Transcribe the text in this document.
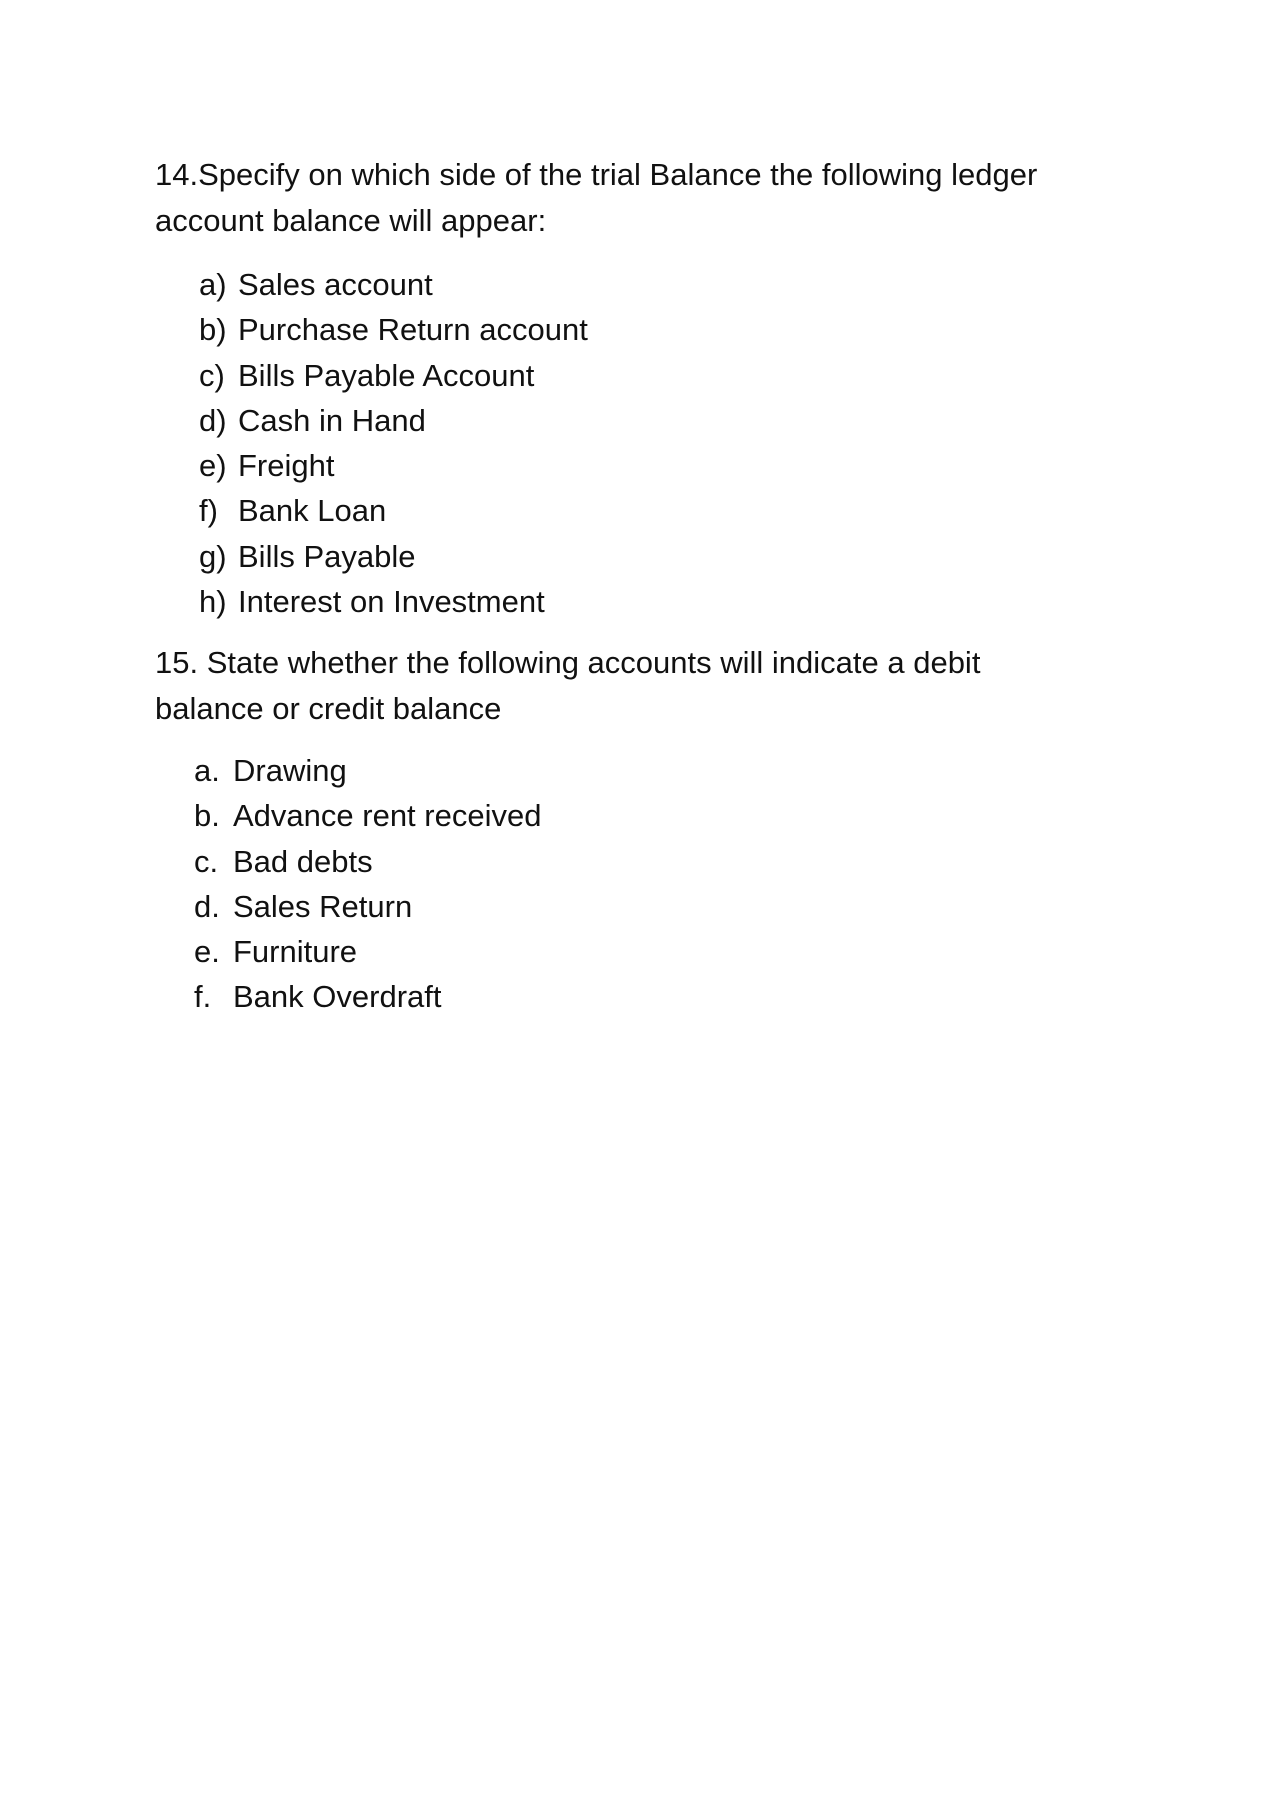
14.Specify on which side of the trial Balance the following ledger account balance will appear:

a) Sales account
b) Purchase Return account
c) Bills Payable Account
d) Cash in Hand
e) Freight
f) Bank Loan
g) Bills Payable
h) Interest on Investment

15. State whether the following accounts will indicate a debit balance or credit balance

a. Drawing
b. Advance rent received
c. Bad debts
d. Sales Return
e. Furniture
f. Bank Overdraft
